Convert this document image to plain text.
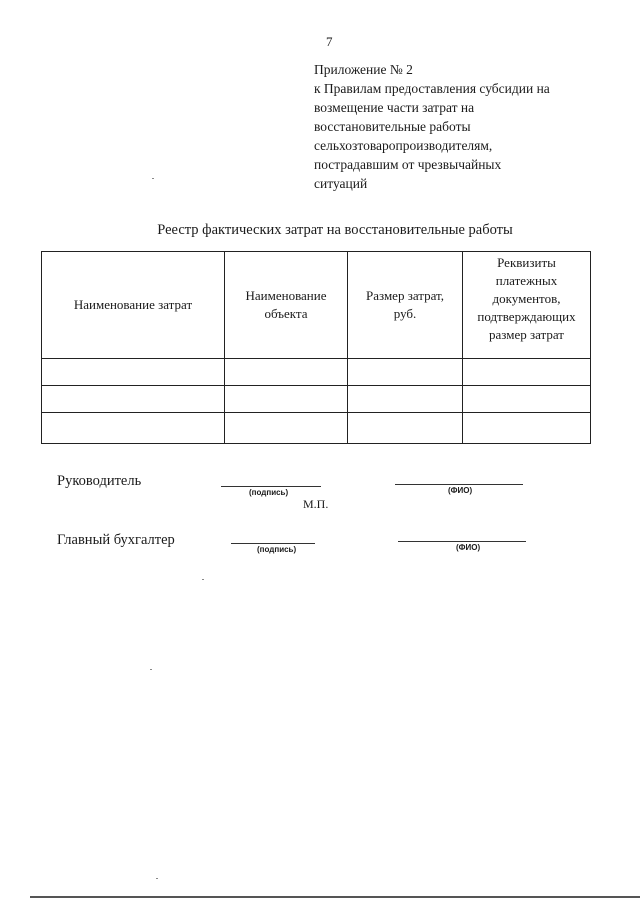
7
Приложение № 2
к Правилам предоставления субсидии на
возмещение части затрат на
восстановительные работы
сельхозтоваропроизводителям,
пострадавшим от чрезвычайных
ситуаций
Реестр фактических затрат на восстановительные работы
Наименование затрат	Наименование объекта	Размер затрат, руб.	Реквизиты платежных документов, подтверждающих размер затрат

Руководитель
(подпись)
М.П.
(ФИО)
Главный бухгалтер
(подпись)	(ФИО)
